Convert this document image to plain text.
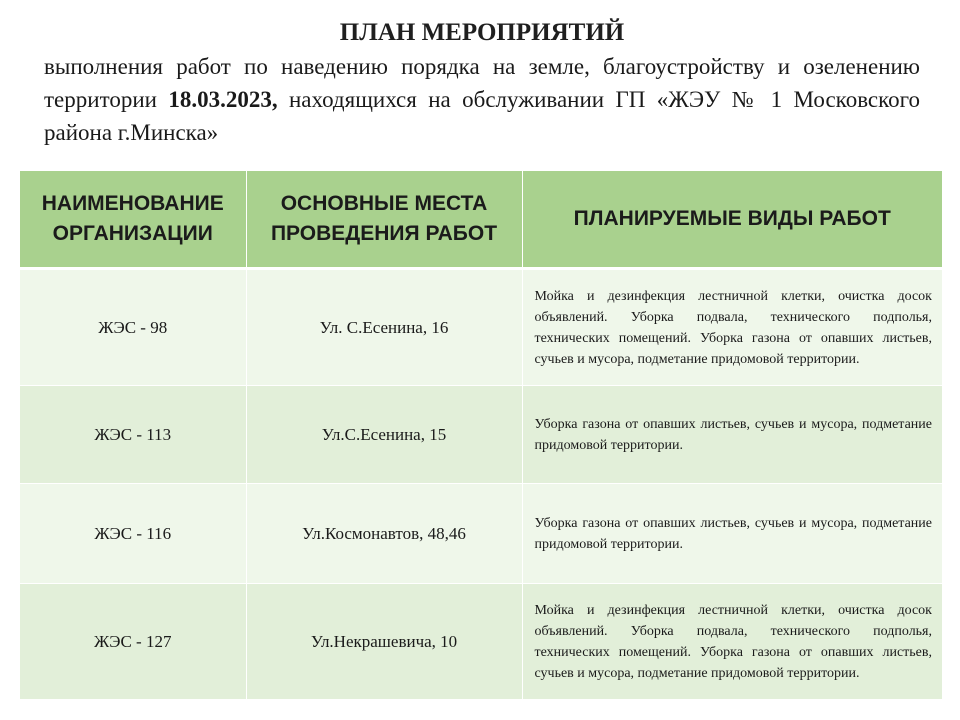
ПЛАН МЕРОПРИЯТИЙ

выполнения работ по наведению порядка на земле, благоустройству и озеленению территории 18.03.2023, находящихся на обслуживании ГП «ЖЭУ № 1 Московского района г.Минска»

НАИМЕНОВАНИЕ ОРГАНИЗАЦИИ	ОСНОВНЫЕ МЕСТА ПРОВЕДЕНИЯ РАБОТ	ПЛАНИРУЕМЫЕ ВИДЫ РАБОТ
ЖЭС - 98	Ул. С.Есенина, 16	Мойка и дезинфекция лестничной клетки, очистка досок объявлений. Уборка подвала, технического подполья, технических помещений. Уборка газона от опавших листьев, сучьев и мусора, подметание придомовой территории.
ЖЭС - 113	Ул.С.Есенина, 15	Уборка газона от опавших листьев, сучьев и мусора, подметание придомовой территории.
ЖЭС - 116	Ул.Космонавтов, 48,46	Уборка газона от опавших листьев, сучьев и мусора, подметание придомовой территории.
ЖЭС - 127	Ул.Некрашевича, 10	Мойка и дезинфекция лестничной клетки, очистка досок объявлений. Уборка подвала, технического подполья, технических помещений. Уборка газона от опавших листьев, сучьев и мусора, подметание придомовой территории.
